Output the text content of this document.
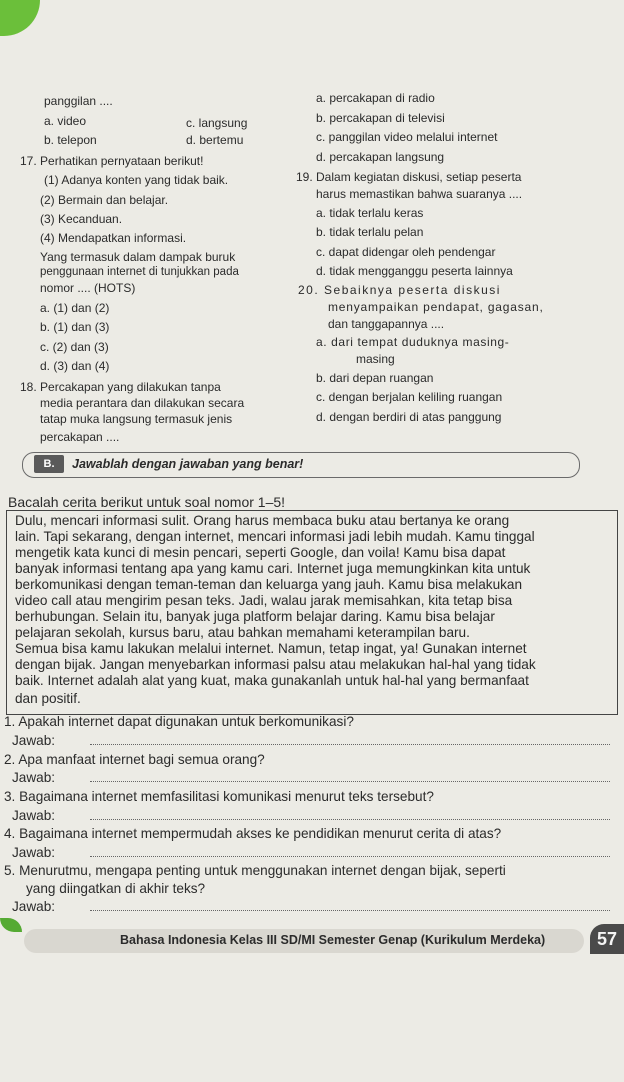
panggilan ....
a. video	c. langsung
b. telepon	d. bertemu
17. Perhatikan pernyataan berikut!
(1) Adanya konten yang tidak baik.
(2) Bermain dan belajar.
(3) Kecanduan.
(4) Mendapatkan informasi.
Yang termasuk dalam dampak buruk
penggunaan internet di tunjukkan pada
nomor .... (HOTS)
a. (1) dan (2)
b. (1) dan (3)
c. (2) dan (3)
d. (3) dan (4)
18. Percakapan yang dilakukan tanpa
media perantara dan dilakukan secara
tatap muka langsung termasuk jenis
percakapan ....
a. percakapan di radio
b. percakapan di televisi
c. panggilan video melalui internet
d. percakapan langsung
19. Dalam kegiatan diskusi, setiap peserta
harus memastikan bahwa suaranya ....
a. tidak terlalu keras
b. tidak terlalu pelan
c. dapat didengar oleh pendengar
d. tidak mengganggu peserta lainnya
20. Sebaiknya peserta diskusi
menyampaikan pendapat, gagasan,
dan tanggapannya ....
a. dari tempat duduknya masing-
masing
b. dari depan ruangan
c. dengan berjalan keliling ruangan
d. dengan berdiri di atas panggung
B.	Jawablah dengan jawaban yang benar!
Bacalah cerita berikut untuk soal nomor 1–5!
Dulu, mencari informasi sulit. Orang harus membaca buku atau bertanya ke orang
lain. Tapi sekarang, dengan internet, mencari informasi jadi lebih mudah. Kamu tinggal
mengetik kata kunci di mesin pencari, seperti Google, dan voila! Kamu bisa dapat
banyak informasi tentang apa yang kamu cari. Internet juga memungkinkan kita untuk
berkomunikasi dengan teman-teman dan keluarga yang jauh. Kamu bisa melakukan
video call atau mengirim pesan teks. Jadi, walau jarak memisahkan, kita tetap bisa
berhubungan. Selain itu, banyak juga platform belajar daring. Kamu bisa belajar
pelajaran sekolah, kursus baru, atau bahkan memahami keterampilan baru.
Semua bisa kamu lakukan melalui internet. Namun, tetap ingat, ya! Gunakan internet
dengan bijak. Jangan menyebarkan informasi palsu atau melakukan hal-hal yang tidak
baik. Internet adalah alat yang kuat, maka gunakanlah untuk hal-hal yang bermanfaat
dan positif.
1. Apakah internet dapat digunakan untuk berkomunikasi?
Jawab:
2. Apa manfaat internet bagi semua orang?
Jawab:
3. Bagaimana internet memfasilitasi komunikasi menurut teks tersebut?
Jawab:
4. Bagaimana internet mempermudah akses ke pendidikan menurut cerita di atas?
Jawab:
5. Menurutmu, mengapa penting untuk menggunakan internet dengan bijak, seperti
yang diingatkan di akhir teks?
Jawab:
Bahasa Indonesia Kelas III SD/MI Semester Genap (Kurikulum Merdeka)	57
